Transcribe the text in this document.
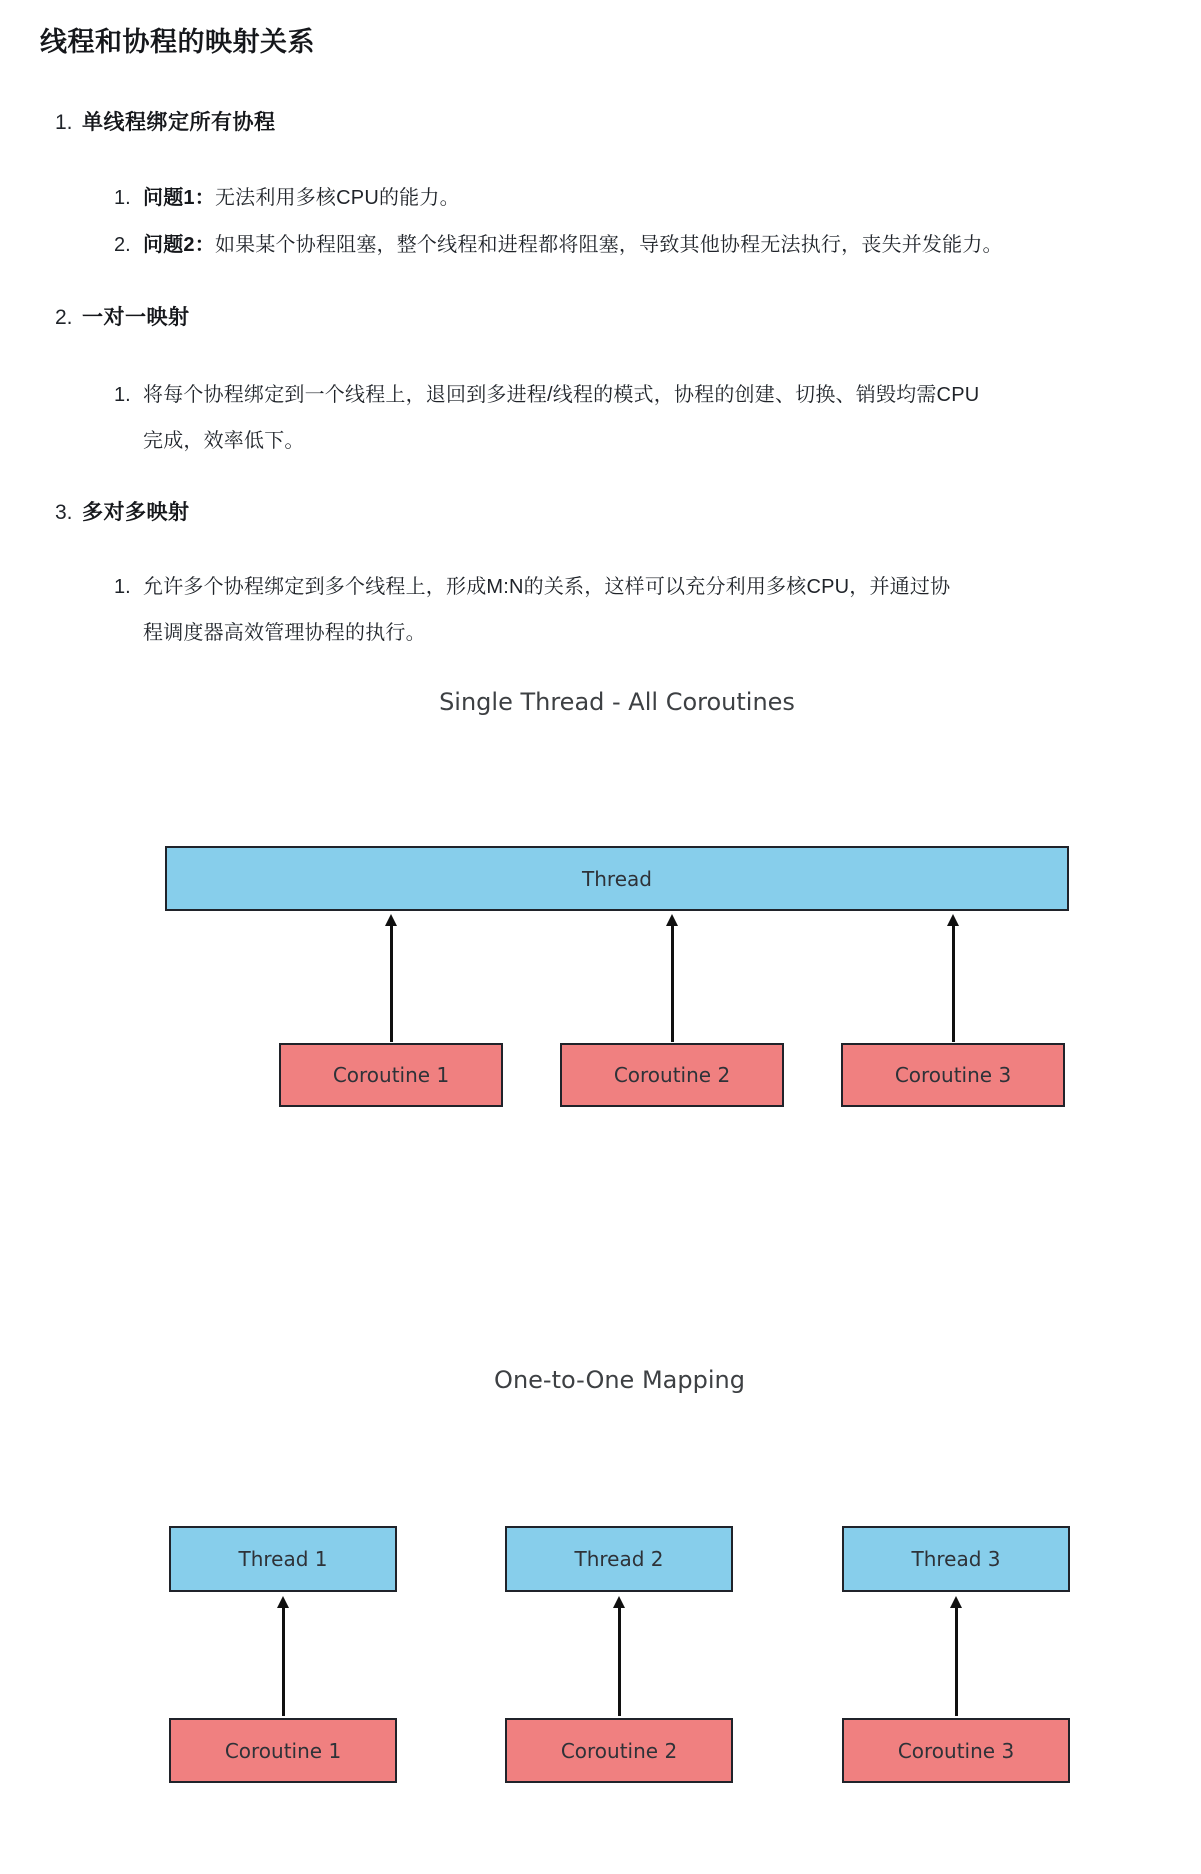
线程和协程的映射关系
1. 单线程绑定所有协程
1. 问题1：无法利用多核CPU的能力。
2. 问题2：如果某个协程阻塞，整个线程和进程都将阻塞，导致其他协程无法执行，丧失并发能力。
2. 一对一映射
1. 将每个协程绑定到一个线程上，退回到多进程/线程的模式，协程的创建、切换、销毁均需CPU完成，效率低下。
3. 多对多映射
1. 允许多个协程绑定到多个线程上，形成M:N的关系，这样可以充分利用多核CPU，并通过协程调度器高效管理协程的执行。
Single Thread - All Coroutines
Thread
Coroutine 1	Coroutine 2	Coroutine 3
One-to-One Mapping
Thread 1	Thread 2	Thread 3
Coroutine 1	Coroutine 2	Coroutine 3
